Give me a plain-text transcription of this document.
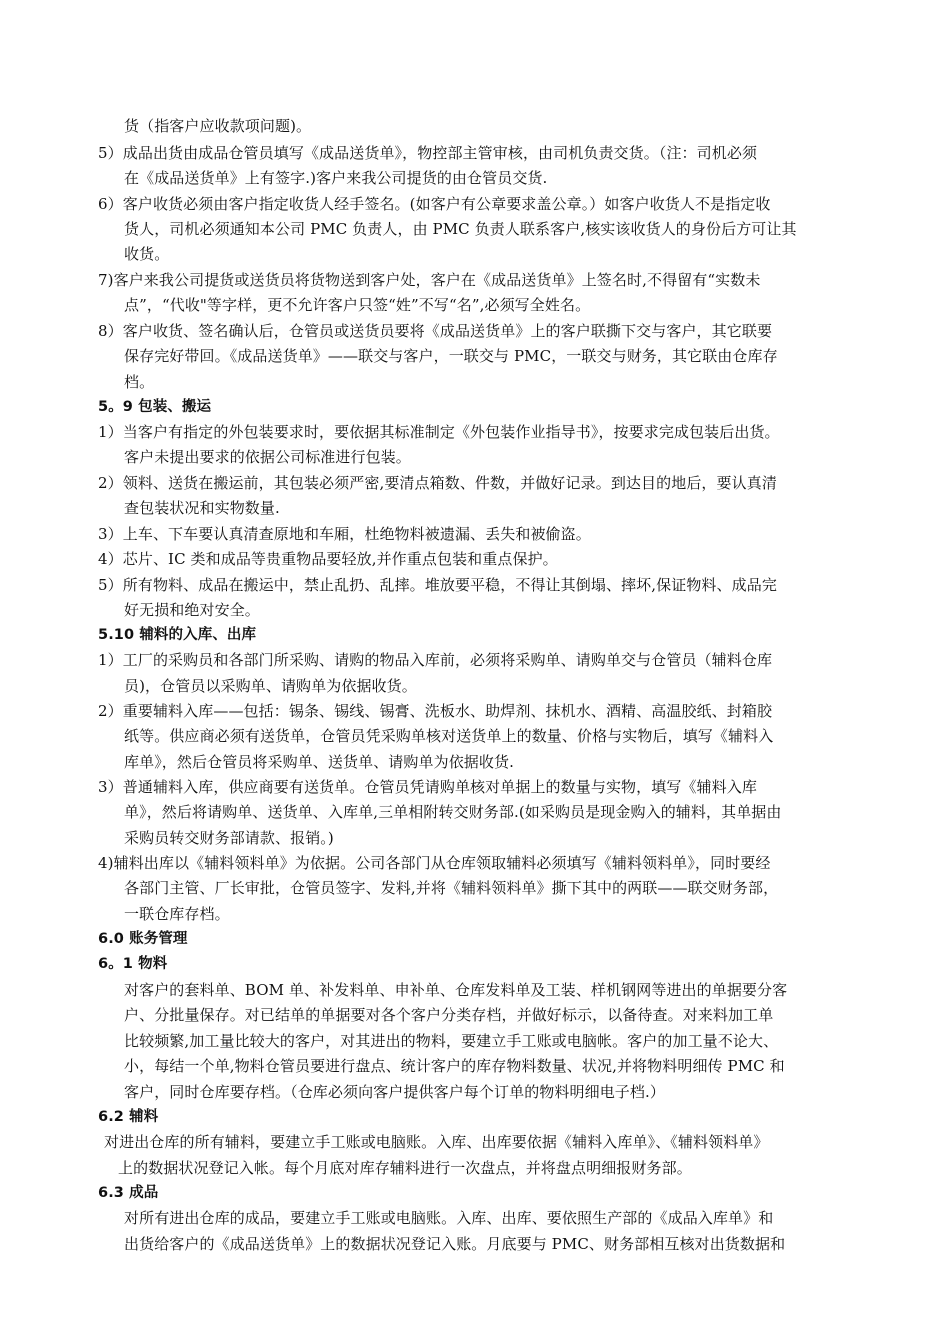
货（指客户应收款项问题)。
5）成品出货由成品仓管员填写《成品送货单》，物控部主管审核，由司机负责交货。（注：司机必须
在《成品送货单》上有签字.)客户来我公司提货的由仓管员交货.
6）客户收货必须由客户指定收货人经手签名。(如客户有公章要求盖公章。）如客户收货人不是指定收
货人，司机必须通知本公司 PMC 负责人，由 PMC 负责人联系客户,核实该收货人的身份后方可让其
收货。
7)客户来我公司提货或送货员将货物送到客户处，客户在《成品送货单》上签名时,不得留有“实数未
点”，“代收"等字样，更不允许客户只签“姓”不写“名”,必须写全姓名。
8）客户收货、签名确认后，仓管员或送货员要将《成品送货单》上的客户联撕下交与客户，其它联要
保存完好带回。《成品送货单》——联交与客户，一联交与 PMC，一联交与财务，其它联由仓库存
档。
5。9 包装、搬运
1）当客户有指定的外包装要求时，要依据其标准制定《外包装作业指导书》，按要求完成包装后出货。
客户未提出要求的依据公司标准进行包装。
2）领料、送货在搬运前，其包装必须严密,要清点箱数、件数，并做好记录。到达目的地后，要认真清
查包装状况和实物数量.
3）上车、下车要认真清查原地和车厢，杜绝物料被遗漏、丢失和被偷盗。
4）芯片、IC 类和成品等贵重物品要轻放,并作重点包装和重点保护。
5）所有物料、成品在搬运中，禁止乱扔、乱摔。堆放要平稳，不得让其倒塌、摔坏,保证物料、成品完
好无损和绝对安全。
5.10 辅料的入库、出库
1）工厂的采购员和各部门所采购、请购的物品入库前，必须将采购单、请购单交与仓管员（辅料仓库
员)，仓管员以采购单、请购单为依据收货。
2）重要辅料入库——包括：锡条、锡线、锡膏、洗板水、助焊剂、抹机水、酒精、高温胶纸、封箱胶
纸等。供应商必须有送货单，仓管员凭采购单核对送货单上的数量、价格与实物后，填写《辅料入
库单》，然后仓管员将采购单、送货单、请购单为依据收货.
3）普通辅料入库，供应商要有送货单。仓管员凭请购单核对单据上的数量与实物，填写《辅料入库
单》，然后将请购单、送货单、入库单,三单相附转交财务部.(如采购员是现金购入的辅料，其单据由
采购员转交财务部请款、报销。)
4)辅料出库以《辅料领料单》为依据。公司各部门从仓库领取辅料必须填写《辅料领料单》，同时要经
各部门主管、厂长审批，仓管员签字、发料,并将《辅料领料单》撕下其中的两联——联交财务部，
一联仓库存档。
6.0 账务管理
6。1 物料
对客户的套料单、BOM 单、补发料单、申补单、仓库发料单及工装、样机钢网等进出的单据要分客
户、分批量保存。对已结单的单据要对各个客户分类存档，并做好标示，以备待查。对来料加工单
比较频繁,加工量比较大的客户，对其进出的物料，要建立手工账或电脑帐。客户的加工量不论大、
小，每结一个单,物料仓管员要进行盘点、统计客户的库存物料数量、状况,并将物料明细传 PMC 和
客户，同时仓库要存档。（仓库必须向客户提供客户每个订单的物料明细电子档.）
6.2 辅料
对进出仓库的所有辅料，要建立手工账或电脑账。入库、出库要依据《辅料入库单》、《辅料领料单》
上的数据状况登记入帐。每个月底对库存辅料进行一次盘点，并将盘点明细报财务部。
6.3 成品
对所有进出仓库的成品，要建立手工账或电脑账。入库、出库、要依照生产部的《成品入库单》和
出货给客户的《成品送货单》上的数据状况登记入账。月底要与 PMC、财务部相互核对出货数据和
